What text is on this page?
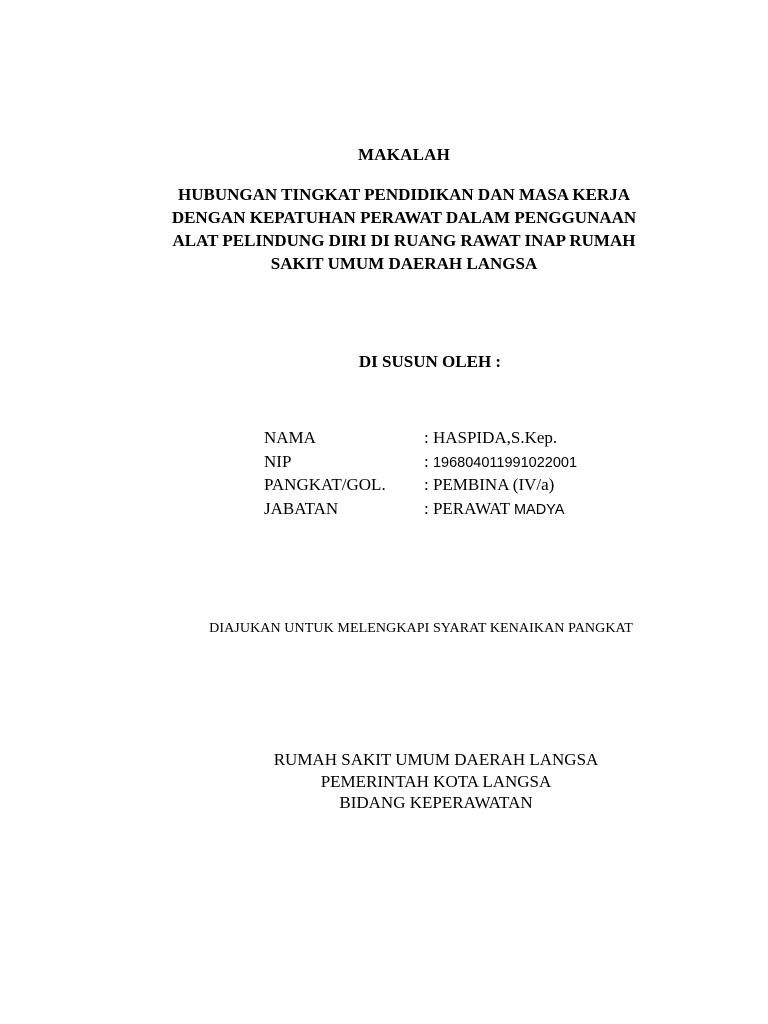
MAKALAH
HUBUNGAN TINGKAT PENDIDIKAN DAN MASA KERJA
DENGAN KEPATUHAN PERAWAT DALAM PENGGUNAAN
ALAT PELINDUNG DIRI DI RUANG RAWAT INAP RUMAH
SAKIT UMUM DAERAH LANGSA
DI SUSUN OLEH :
NAMA	: HASPIDA,S.Kep.
NIP	: 196804011991022001
PANGKAT/GOL.	: PEMBINA (IV/a)
JABATAN	: PERAWAT MADYA
DIAJUKAN UNTUK MELENGKAPI SYARAT KENAIKAN PANGKAT
RUMAH SAKIT UMUM DAERAH LANGSA
PEMERINTAH KOTA LANGSA
BIDANG KEPERAWATAN
